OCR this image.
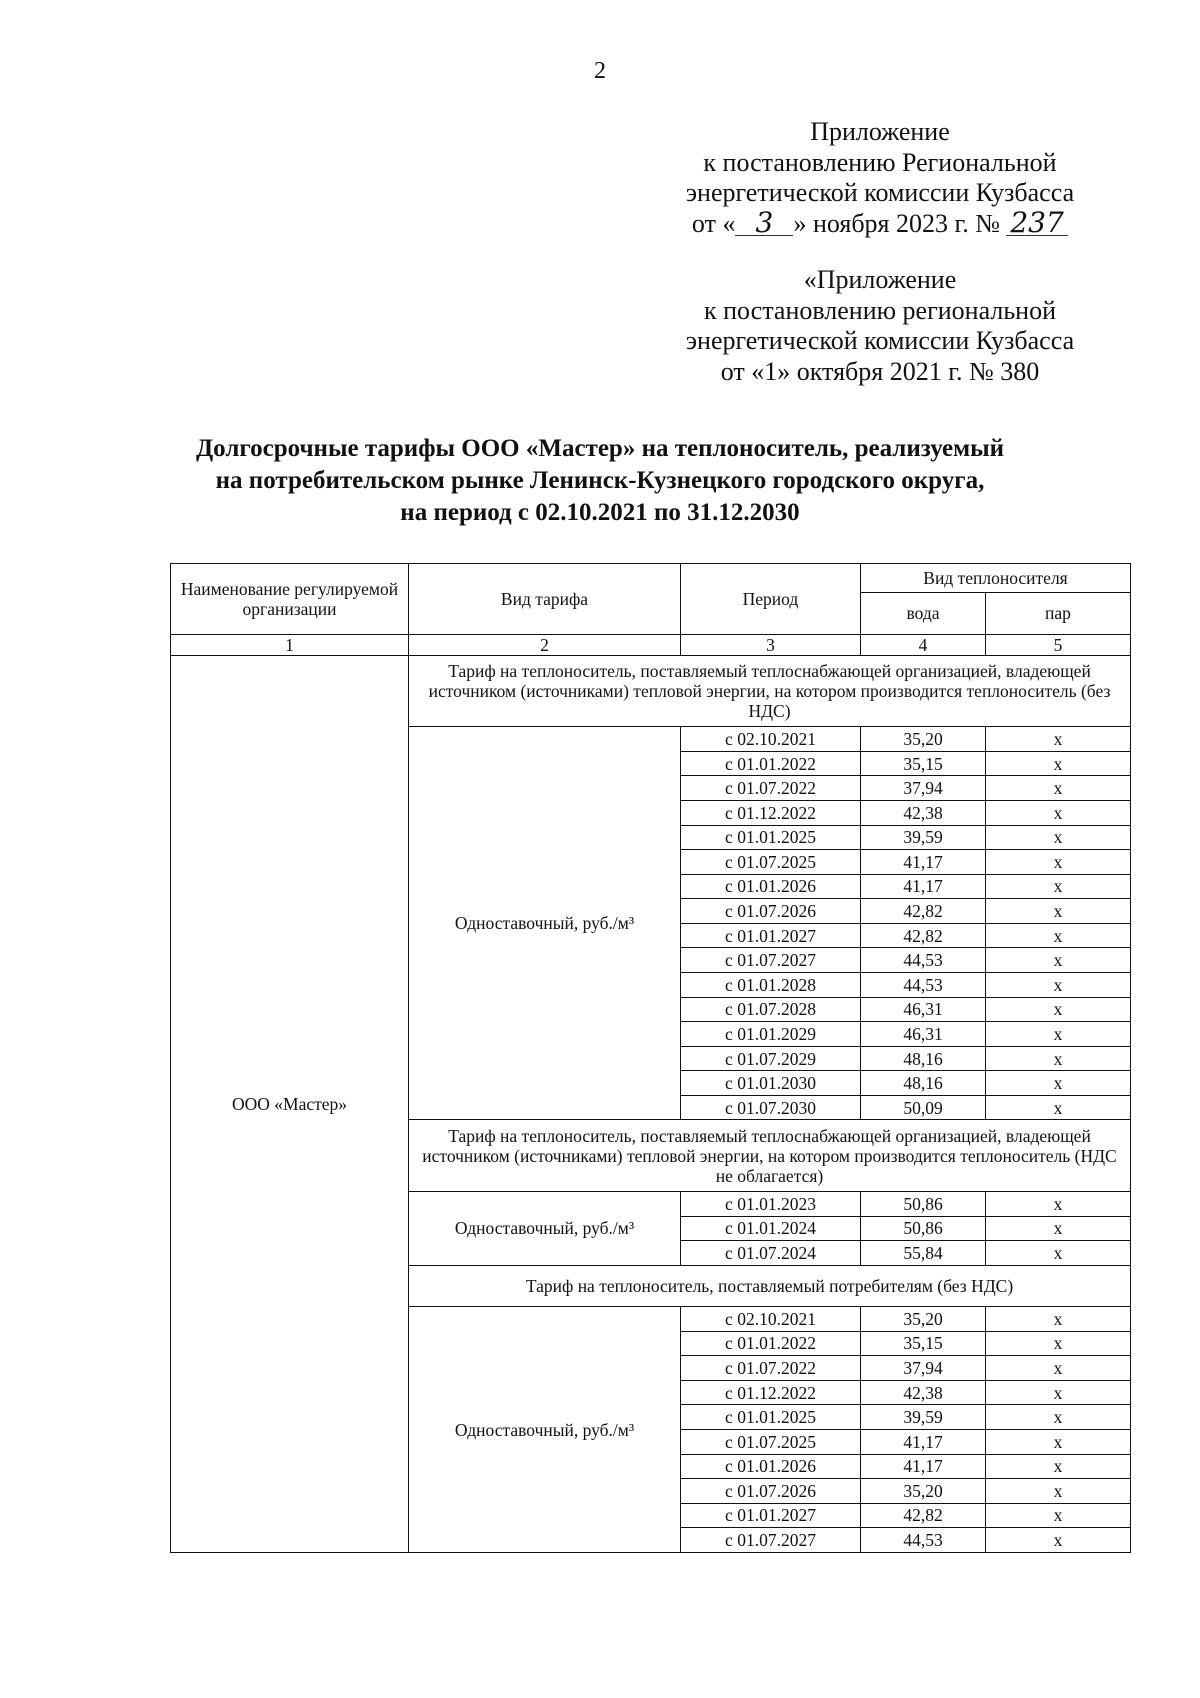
2
Приложение
к постановлению Региональной
энергетической комиссии Кузбасса
от « 3 » ноября 2023 г. № 237
«Приложение
к постановлению региональной
энергетической комиссии Кузбасса
от «1» октября 2021 г. № 380
Долгосрочные тарифы ООО «Мастер» на теплоноситель, реализуемый
на потребительском рынке Ленинск-Кузнецкого городского округа,
на период с 02.10.2021 по 31.12.2030
Наименование регулируемой организации	Вид тарифа	Период	Вид теплоносителя	
			вода	пар
1	2	3	4	5
ООО «Мастер»	Тариф на теплоноситель, поставляемый теплоснабжающей организацией, владеющей источником (источниками) тепловой энергии, на котором производится теплоноситель (без НДС)			
	Одноставочный, руб./м³	с 02.10.2021	35,20	х
		с 01.01.2022	35,15	х
		с 01.07.2022	37,94	х
		с 01.12.2022	42,38	х
		с 01.01.2025	39,59	х
		с 01.07.2025	41,17	х
		с 01.01.2026	41,17	х
		с 01.07.2026	42,82	х
		с 01.01.2027	42,82	х
		с 01.07.2027	44,53	х
		с 01.01.2028	44,53	х
		с 01.07.2028	46,31	х
		с 01.01.2029	46,31	х
		с 01.07.2029	48,16	х
		с 01.01.2030	48,16	х
		с 01.07.2030	50,09	х
	Тариф на теплоноситель, поставляемый теплоснабжающей организацией, владеющей источником (источниками) тепловой энергии, на котором производится теплоноситель (НДС не облагается)			
	Одноставочный, руб./м³	с 01.01.2023	50,86	х
		с 01.01.2024	50,86	х
		с 01.07.2024	55,84	х
	Тариф на теплоноситель, поставляемый потребителям (без НДС)			
	Одноставочный, руб./м³	с 02.10.2021	35,20	х
		с 01.01.2022	35,15	х
		с 01.07.2022	37,94	х
		с 01.12.2022	42,38	х
		с 01.01.2025	39,59	х
		с 01.07.2025	41,17	х
		с 01.01.2026	41,17	х
		с 01.07.2026	35,20	х
		с 01.01.2027	42,82	х
		с 01.07.2027	44,53	х
